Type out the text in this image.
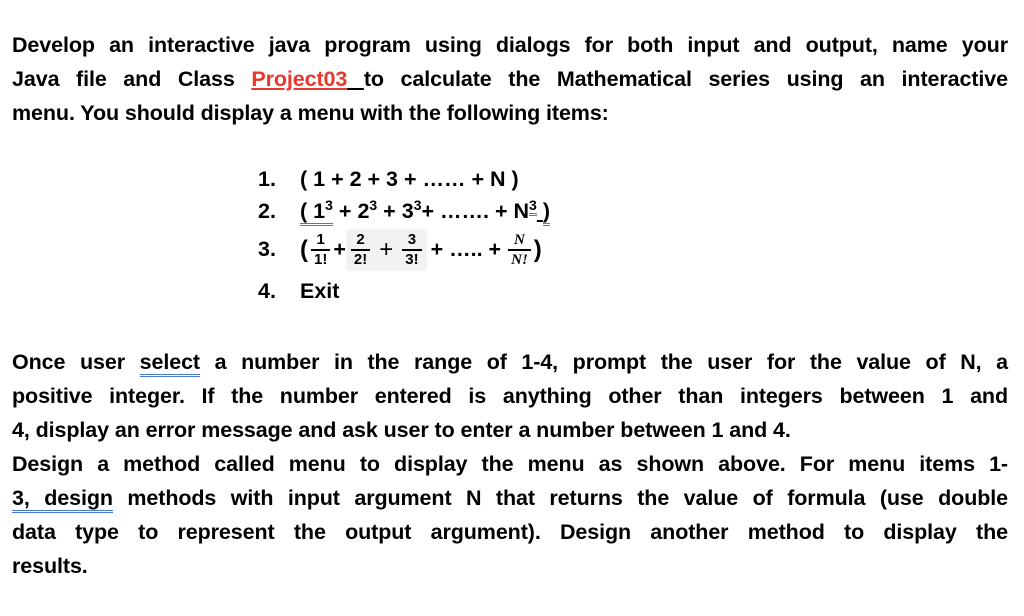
Develop an interactive java program using dialogs for both input and output, name your
Java file and Class Project03 to calculate the Mathematical series using an interactive
menu. You should display a menu with the following items:
1.	( 1 + 2 + 3 + …… + N )
2.	( $1^3 + 2^3 + 3^3+$ ……. + $N^3$ )
3.	( $\frac{1}{1!} + \frac{2}{2!} + \frac{3}{3!}$ + ….. + $\frac{N}{N!}$ )
4.	Exit
Once user select a number in the range of 1-4, prompt the user for the value of N, a
positive integer. If the number entered is anything other than integers between 1 and
4, display an error message and ask user to enter a number between 1 and 4.
Design a method called menu to display the menu as shown above. For menu items 1-
3, design methods with input argument N that returns the value of formula (use double
data type to represent the output argument). Design another method to display the
results.
